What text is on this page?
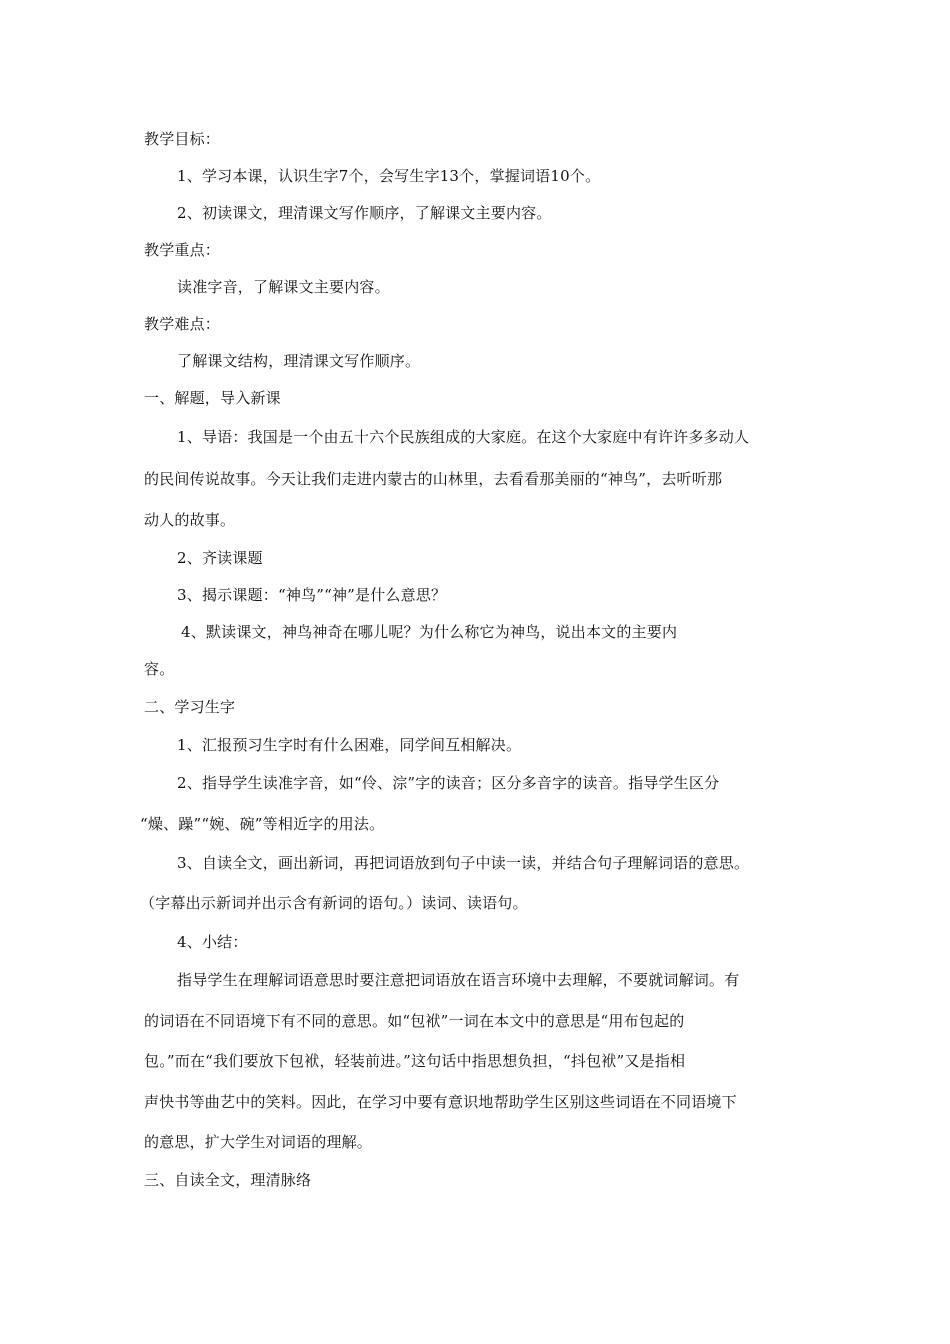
教学目标：
1、学习本课，认识生字7个，会写生字13个，掌握词语10个。
2、初读课文，理清课文写作顺序，了解课文主要内容。
教学重点：
读准字音，了解课文主要内容。
教学难点：
了解课文结构，理清课文写作顺序。
一、解题，导入新课
1、导语：我国是一个由五十六个民族组成的大家庭。在这个大家庭中有许许多多动人
的民间传说故事。今天让我们走进内蒙古的山林里，去看看那美丽的“神鸟”，去听听那
动人的故事。
2、齐读课题
3、揭示课题：“神鸟”“神”是什么意思？
4、默读课文，神鸟神奇在哪儿呢？为什么称它为神鸟，说出本文的主要内
容。
二、学习生字
1、汇报预习生字时有什么困难，同学间互相解决。
2、指导学生读准字音，如“伶、淙”字的读音；区分多音字的读音。指导学生区分
“燥、躁”“婉、碗”等相近字的用法。
3、自读全文，画出新词，再把词语放到句子中读一读，并结合句子理解词语的意思。
（字幕出示新词并出示含有新词的语句。）读词、读语句。
4、小结：
指导学生在理解词语意思时要注意把词语放在语言环境中去理解，不要就词解词。有
的词语在不同语境下有不同的意思。如“包袱”一词在本文中的意思是“用布包起的
包。”而在“我们要放下包袱，轻装前进。”这句话中指思想负担，“抖包袱”又是指相
声快书等曲艺中的笑料。因此，在学习中要有意识地帮助学生区别这些词语在不同语境下
的意思，扩大学生对词语的理解。
三、自读全文，理清脉络
